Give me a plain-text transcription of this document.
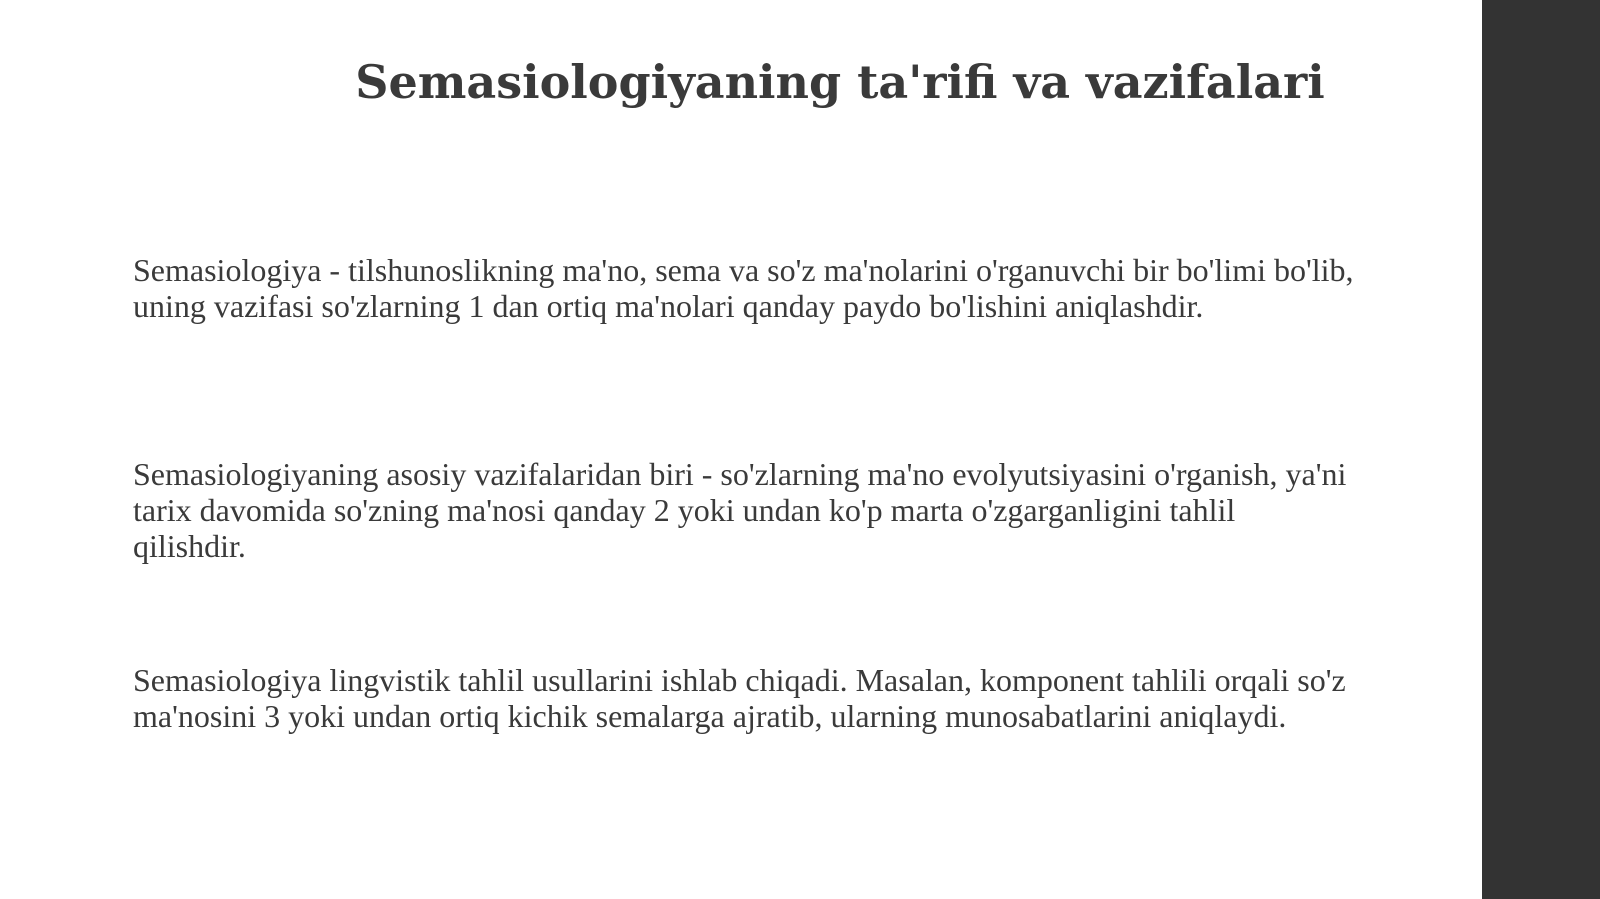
Semasiologiyaning ta'rifi va vazifalari

Semasiologiya - tilshunoslikning ma'no, sema va so'z ma'nolarini o'rganuvchi bir bo'limi bo'lib,
uning vazifasi so'zlarning 1 dan ortiq ma'nolari qanday paydo bo'lishini aniqlashdir.

Semasiologiyaning asosiy vazifalaridan biri - so'zlarning ma'no evolyutsiyasini o'rganish, ya'ni
tarix davomida so'zning ma'nosi qanday 2 yoki undan ko'p marta o'zgarganligini tahlil
qilishdir.

Semasiologiya lingvistik tahlil usullarini ishlab chiqadi. Masalan, komponent tahlili orqali so'z
ma'nosini 3 yoki undan ortiq kichik semalarga ajratib, ularning munosabatlarini aniqlaydi.
